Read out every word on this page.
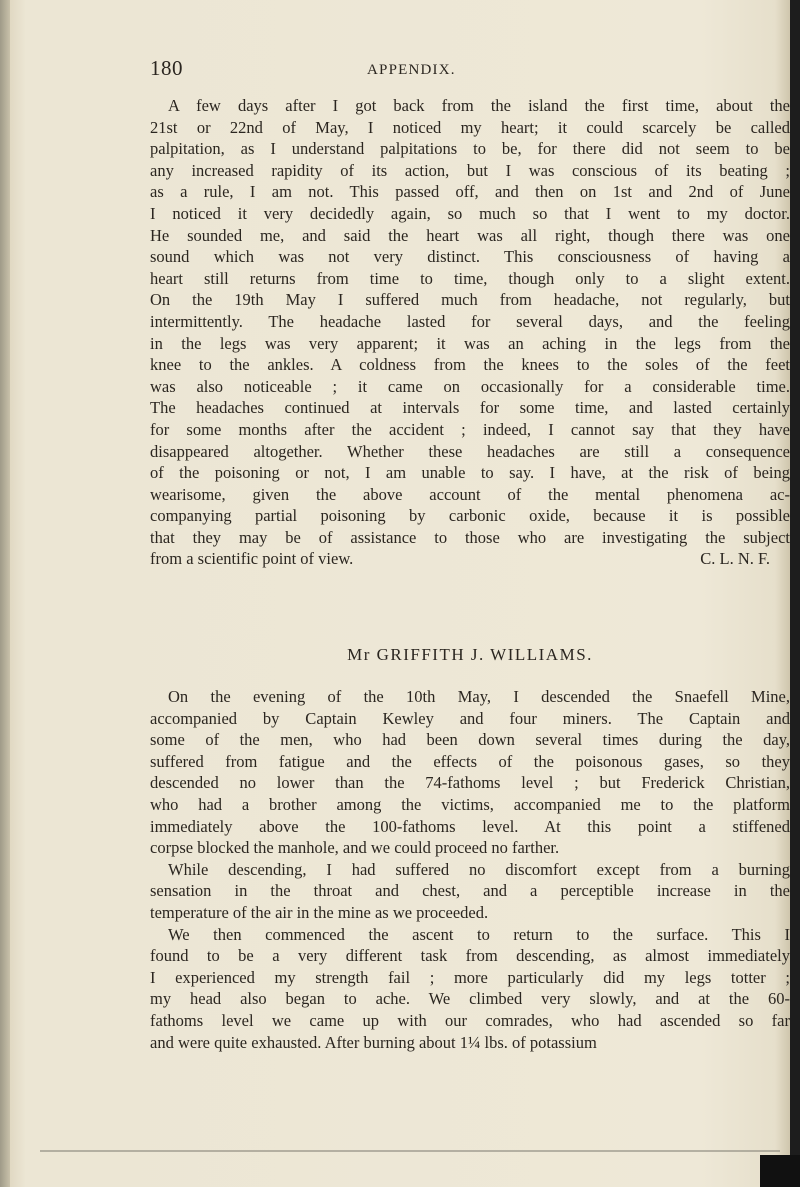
180	APPENDIX.
A few days after I got back from the island the first time, about the
21st or 22nd of May, I noticed my heart; it could scarcely be called
palpitation, as I understand palpitations to be, for there did not seem to be
any increased rapidity of its action, but I was conscious of its beating ;
as a rule, I am not. This passed off, and then on 1st and 2nd of June
I noticed it very decidedly again, so much so that I went to my doctor.
He sounded me, and said the heart was all right, though there was one
sound which was not very distinct. This consciousness of having a
heart still returns from time to time, though only to a slight extent.
On the 19th May I suffered much from headache, not regularly, but
intermittently. The headache lasted for several days, and the feeling
in the legs was very apparent; it was an aching in the legs from the
knee to the ankles. A coldness from the knees to the soles of the feet
was also noticeable ; it came on occasionally for a considerable time.
The headaches continued at intervals for some time, and lasted certainly
for some months after the accident ; indeed, I cannot say that they have
disappeared altogether. Whether these headaches are still a consequence
of the poisoning or not, I am unable to say. I have, at the risk of being
wearisome, given the above account of the mental phenomena ac-
companying partial poisoning by carbonic oxide, because it is possible
that they may be of assistance to those who are investigating the subject
from a scientific point of view.	C. L. N. F.
Mr GRIFFITH J. WILLIAMS.
On the evening of the 10th May, I descended the Snaefell Mine,
accompanied by Captain Kewley and four miners. The Captain and
some of the men, who had been down several times during the day,
suffered from fatigue and the effects of the poisonous gases, so they
descended no lower than the 74-fathoms level ; but Frederick Christian,
who had a brother among the victims, accompanied me to the platform
immediately above the 100-fathoms level. At this point a stiffened
corpse blocked the manhole, and we could proceed no farther.
While descending, I had suffered no discomfort except from a burning
sensation in the throat and chest, and a perceptible increase in the
temperature of the air in the mine as we proceeded.
We then commenced the ascent to return to the surface. This I
found to be a very different task from descending, as almost immediately
I experienced my strength fail ; more particularly did my legs totter ;
my head also began to ache. We climbed very slowly, and at the 60-
fathoms level we came up with our comrades, who had ascended so far
and were quite exhausted. After burning about 1¼ lbs. of potassium
